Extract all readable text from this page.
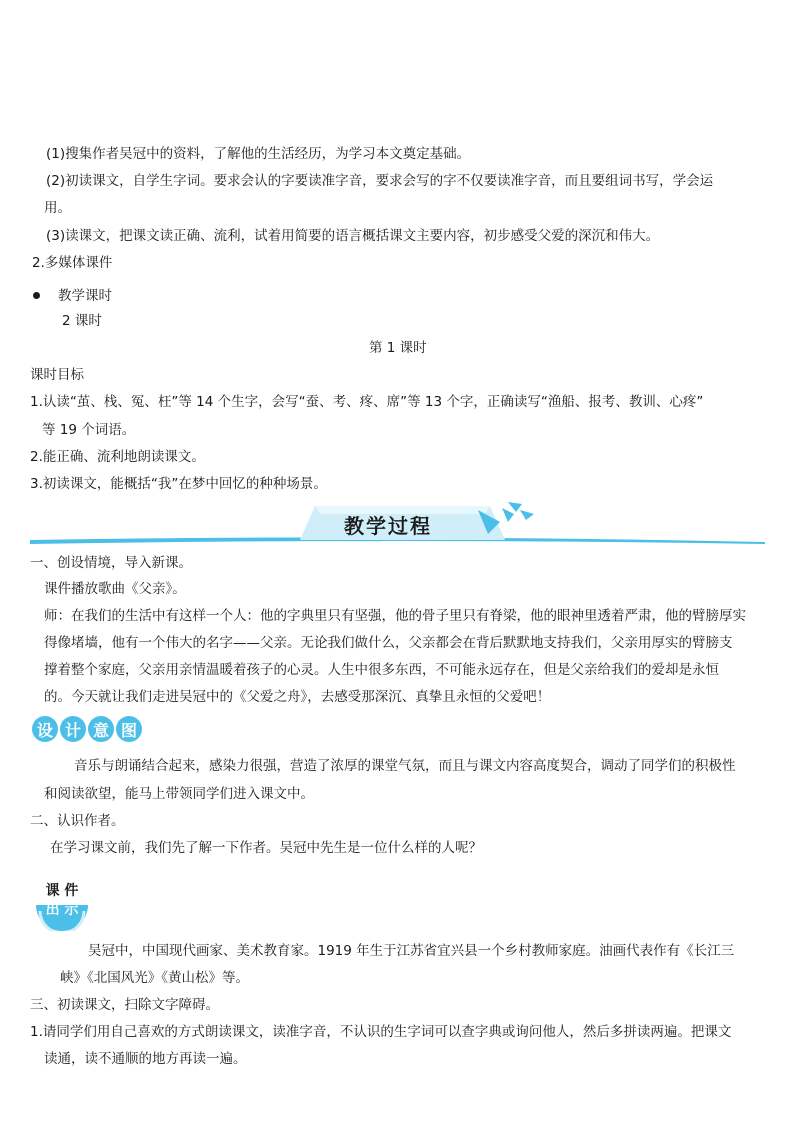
(1)搜集作者吴冠中的资料，了解他的生活经历，为学习本文奠定基础。
(2)初读课文，自学生字词。要求会认的字要读准字音，要求会写的字不仅要读准字音，而且要组词书写，学会运
用。
(3)读课文，把课文读正确、流利，试着用简要的语言概括课文主要内容，初步感受父爱的深沉和伟大。
2.多媒体课件
教学课时
2 课时
第 1 课时
课时目标
1.认读“茧、栈、冤、枉”等 14 个生字，会写“蚕、考、疼、席”等 13 个字，正确读写“渔船、报考、教训、心疼”
等 19 个词语。
2.能正确、流利地朗读课文。
3.初读课文，能概括“我”在梦中回忆的种种场景。
教学过程
一、创设情境，导入新课。
课件播放歌曲《父亲》。
师：在我们的生活中有这样一个人：他的字典里只有坚强，他的骨子里只有脊梁，他的眼神里透着严肃，他的臂膀厚实
得像堵墙，他有一个伟大的名字——父亲。无论我们做什么，父亲都会在背后默默地支持我们，父亲用厚实的臂膀支
撑着整个家庭，父亲用亲情温暖着孩子的心灵。人生中很多东西，不可能永远存在，但是父亲给我们的爱却是永恒
的。今天就让我们走进吴冠中的《父爱之舟》，去感受那深沉、真挚且永恒的父爱吧！
设 计 意 图
音乐与朗诵结合起来，感染力很强，营造了浓厚的课堂气氛，而且与课文内容高度契合，调动了同学们的积极性
和阅读欲望，能马上带领同学们进入课文中。
二、认识作者。
在学习课文前，我们先了解一下作者。吴冠中先生是一位什么样的人呢？
课 件
出 示
吴冠中，中国现代画家、美术教育家。1919 年生于江苏省宜兴县一个乡村教师家庭。油画代表作有《长江三
峡》《北国风光》《黄山松》等。
三、初读课文，扫除文字障碍。
1.请同学们用自己喜欢的方式朗读课文，读准字音，不认识的生字词可以查字典或询问他人，然后多拼读两遍。把课文
读通，读不通顺的地方再读一遍。
